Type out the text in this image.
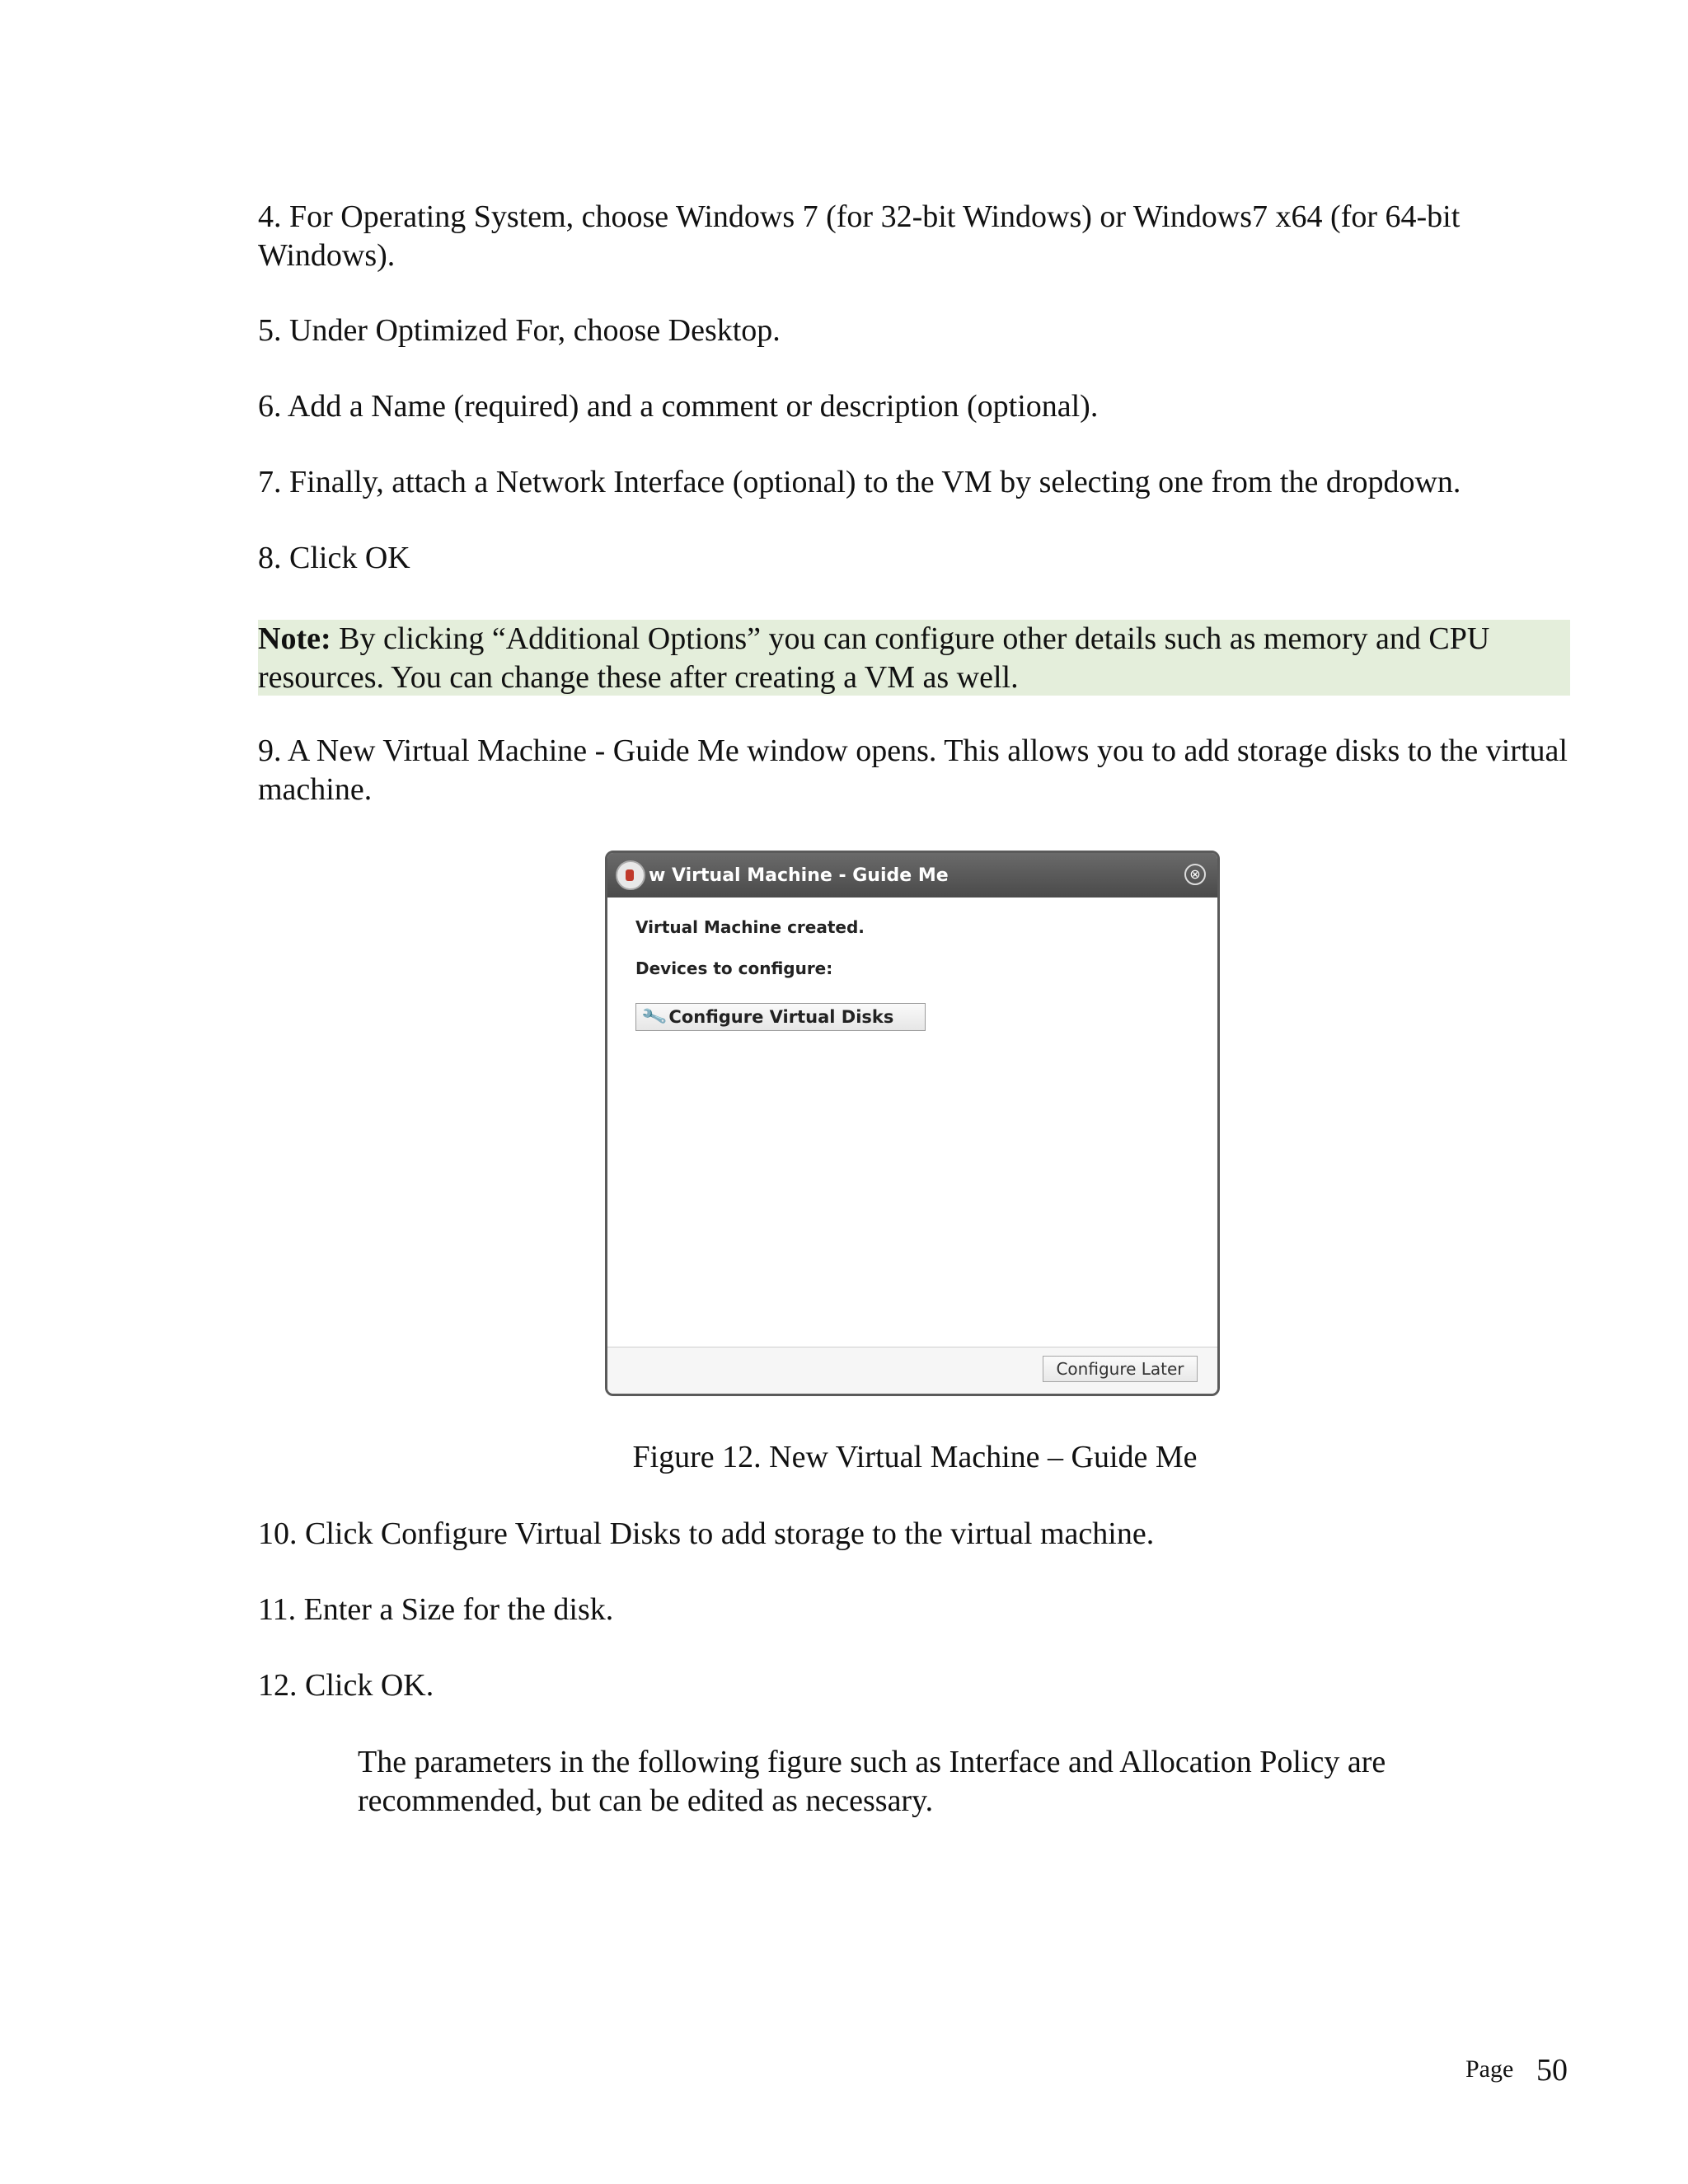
4. For Operating System, choose Windows 7 (for 32-bit Windows) or Windows7 x64 (for 64-bit Windows).

5. Under Optimized For, choose Desktop.

6. Add a Name (required) and a comment or description (optional).

7. Finally, attach a Network Interface (optional) to the VM by selecting one from the dropdown.

8. Click OK

Note: By clicking “Additional Options” you can configure other details such as memory and CPU resources. You can change these after creating a VM as well.

9. A New Virtual Machine - Guide Me window opens. This allows you to add storage disks to the virtual machine.

w Virtual Machine - Guide Me	⊗
Virtual Machine created.
Devices to configure:
🔧 Configure Virtual Disks
Configure Later
Figure 12. New Virtual Machine – Guide Me

10. Click Configure Virtual Disks to add storage to the virtual machine.

11. Enter a Size for the disk.

12. Click OK.

The parameters in the following figure such as Interface and Allocation Policy are recommended, but can be edited as necessary.

Page 50
